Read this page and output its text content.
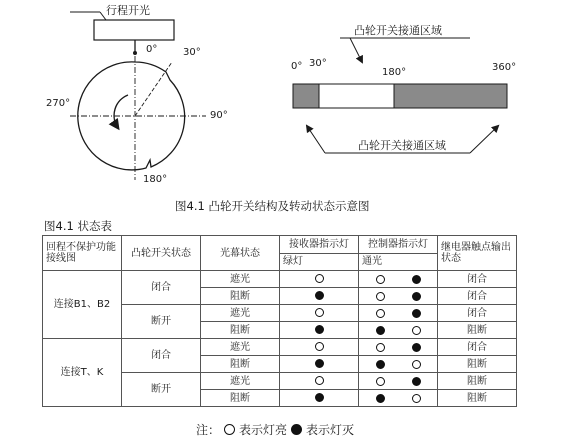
行程开光
0°	30°
90°
180°
270°
凸轮开关接通区域
0° 30°
180°	360°
凸轮开关接通区域
图4.1 凸轮开关结构及转动状态示意图
图4.1 状态表
回程不保护功能接线图	凸轮开关状态	光幕状态	接收器指示灯	控制器指示灯	继电器触点输出状态
			绿灯	通光	
连接B1、B2	闭合	遮光			闭合
		阻断			闭合
	断开	遮光			闭合
		阻断			阻断
连接T、K	闭合	遮光			闭合
		阻断			阻断
	断开	遮光			阻断
		阻断			阻断
注： 表示灯亮 表示灯灭
